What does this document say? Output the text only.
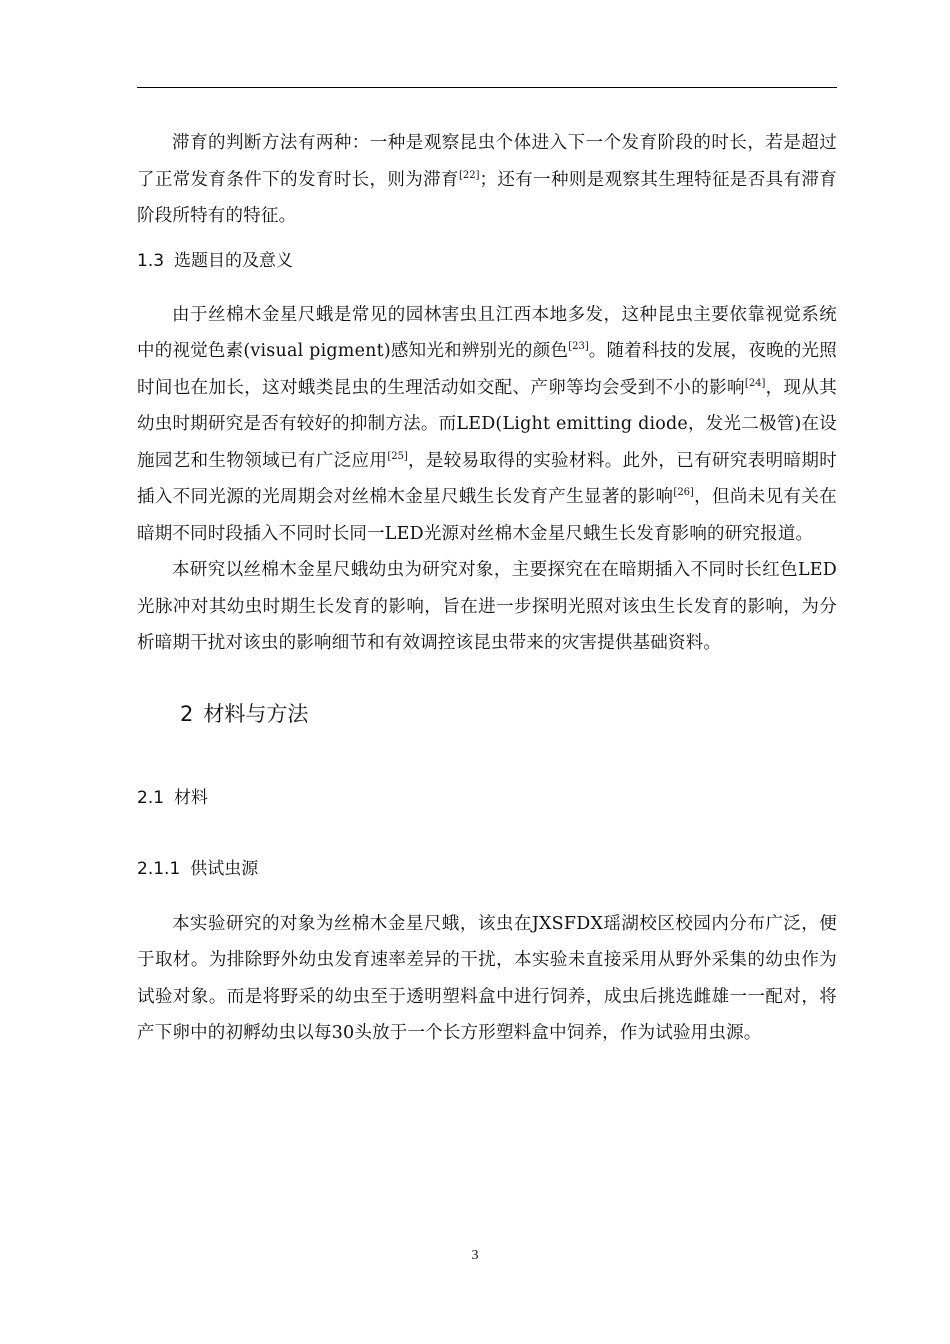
滞育的判断方法有两种：一种是观察昆虫个体进入下一个发育阶段的时长，若是超过了正常发育条件下的发育时长，则为滞育[22]；还有一种则是观察其生理特征是否具有滞育阶段所特有的特征。

1.3 选题目的及意义

由于丝棉木金星尺蛾是常见的园林害虫且江西本地多发，这种昆虫主要依靠视觉系统中的视觉色素(visual pigment)感知光和辨别光的颜色[23]。随着科技的发展，夜晚的光照时间也在加长，这对蛾类昆虫的生理活动如交配、产卵等均会受到不小的影响[24]，现从其幼虫时期研究是否有较好的抑制方法。而LED(Light emitting diode，发光二极管)在设施园艺和生物领域已有广泛应用[25]，是较易取得的实验材料。此外，已有研究表明暗期时插入不同光源的光周期会对丝棉木金星尺蛾生长发育产生显著的影响[26]，但尚未见有关在暗期不同时段插入不同时长同一LED光源对丝棉木金星尺蛾生长发育影响的研究报道。

本研究以丝棉木金星尺蛾幼虫为研究对象，主要探究在在暗期插入不同时长红色LED光脉冲对其幼虫时期生长发育的影响，旨在进一步探明光照对该虫生长发育的影响，为分析暗期干扰对该虫的影响细节和有效调控该昆虫带来的灾害提供基础资料。

2 材料与方法
2.1 材料
2.1.1 供试虫源

本实验研究的对象为丝棉木金星尺蛾，该虫在JXSFDX瑶湖校区校园内分布广泛，便于取材。为排除野外幼虫发育速率差异的干扰，本实验未直接采用从野外采集的幼虫作为试验对象。而是将野采的幼虫至于透明塑料盒中进行饲养，成虫后挑选雌雄一一配对，将产下卵中的初孵幼虫以每30头放于一个长方形塑料盒中饲养，作为试验用虫源。

3
